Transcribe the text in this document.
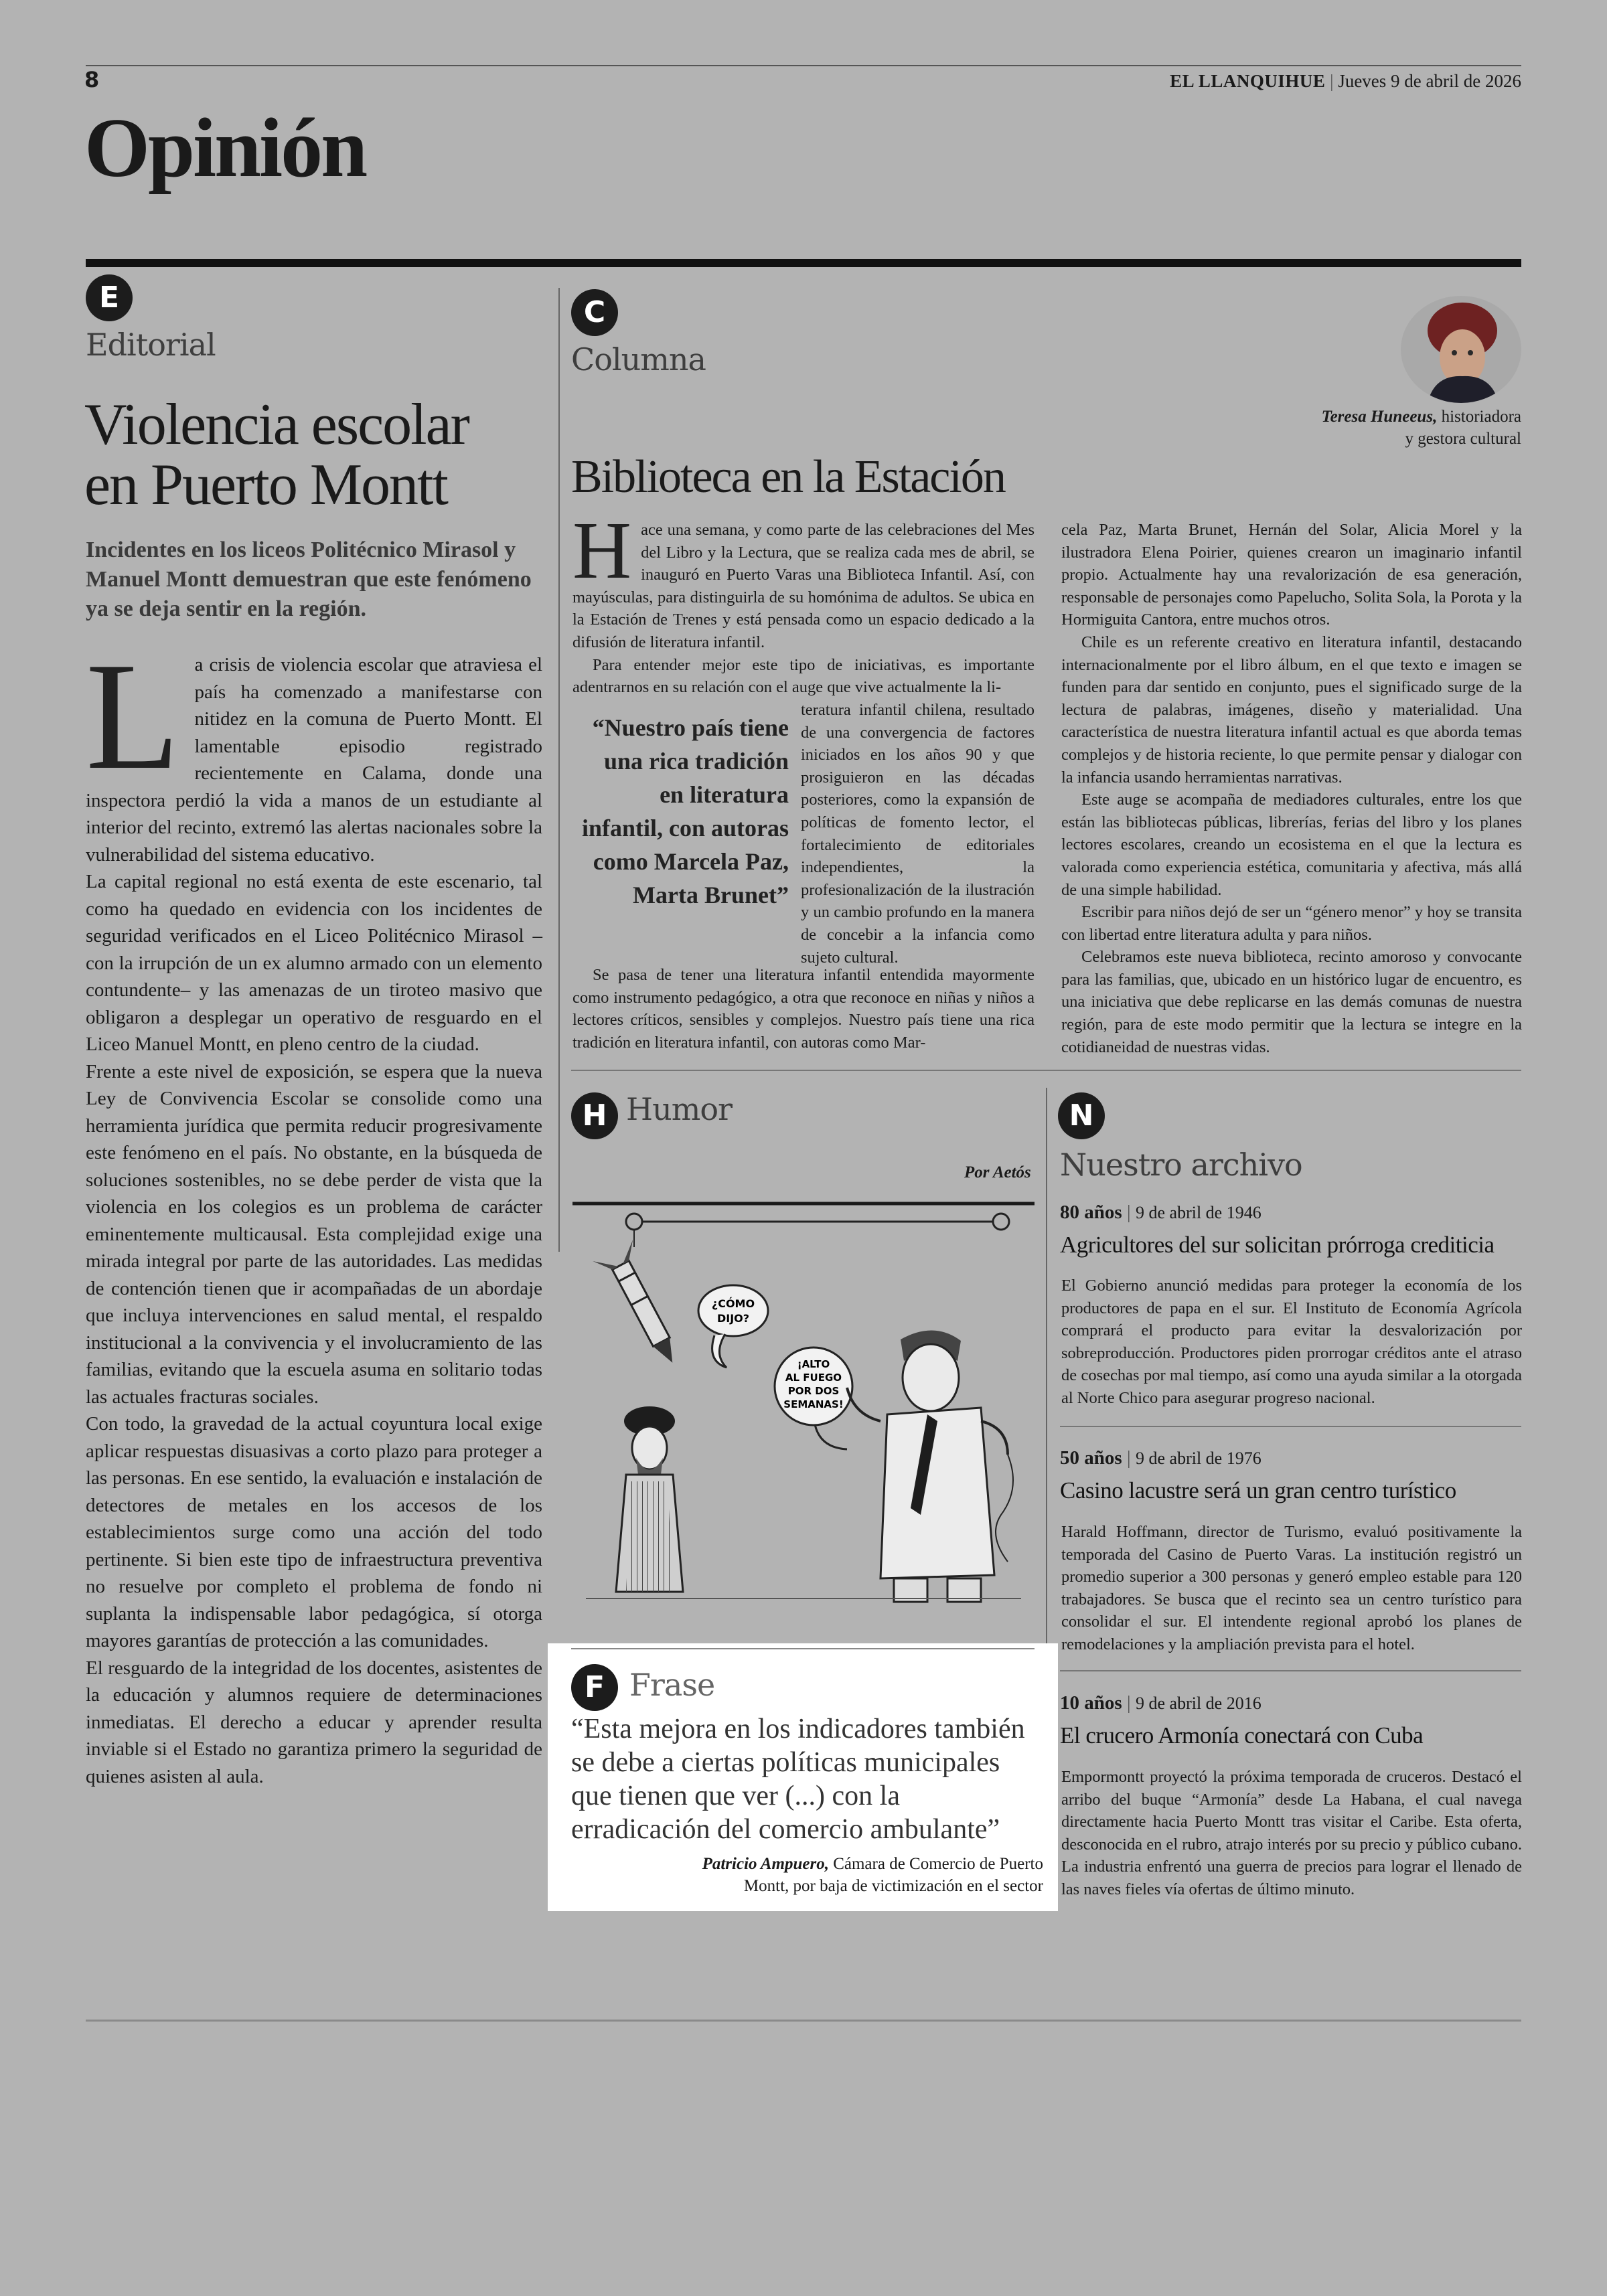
8	EL LLANQUIHUE | Jueves 9 de abril de 2026
Opinión
E
Editorial
Violencia escolar
en Puerto Montt
Incidentes en los liceos Politécnico Mirasol y Manuel Montt demuestran que este fenómeno ya se deja sentir en la región.

La crisis de violencia escolar que atraviesa el país ha comenzado a manifestarse con nitidez en la comuna de Puerto Montt. El lamentable episodio registrado recientemente en Calama, donde una inspectora perdió la vida a manos de un estudiante al interior del recinto, extremó las alertas nacionales sobre la vulnerabilidad del sistema educativo.

La capital regional no está exenta de este escenario, tal como ha quedado en evidencia con los incidentes de seguridad verificados en el Liceo Politécnico Mirasol –con la irrupción de un ex alumno armado con un elemento contundente– y las amenazas de un tiroteo masivo que obligaron a desplegar un operativo de resguardo en el Liceo Manuel Montt, en pleno centro de la ciudad.

Frente a este nivel de exposición, se espera que la nueva Ley de Convivencia Escolar se consolide como una herramienta jurídica que permita reducir progresivamente este fenómeno en el país. No obstante, en la búsqueda de soluciones sostenibles, no se debe perder de vista que la violencia en los colegios es un problema de carácter eminentemente multicausal. Esta complejidad exige una mirada integral por parte de las autoridades. Las medidas de contención tienen que ir acompañadas de un abordaje que incluya intervenciones en salud mental, el respaldo institucional a la convivencia y el involucramiento de las familias, evitando que la escuela asuma en solitario todas las actuales fracturas sociales.

Con todo, la gravedad de la actual coyuntura local exige aplicar respuestas disuasivas a corto plazo para proteger a las personas. En ese sentido, la evaluación e instalación de detectores de metales en los accesos de los establecimientos surge como una acción del todo pertinente. Si bien este tipo de infraestructura preventiva no resuelve por completo el problema de fondo ni suplanta la indispensable labor pedagógica, sí otorga mayores garantías de protección a las comunidades.

El resguardo de la integridad de los docentes, asistentes de la educación y alumnos requiere de determinaciones inmediatas. El derecho a educar y aprender resulta inviable si el Estado no garantiza primero la seguridad de quienes asisten al aula.

C
Columna
Teresa Huneeus, historiadora
y gestora cultural
Biblioteca en la Estación

Hace una semana, y como parte de las celebraciones del Mes del Libro y la Lectura, que se realiza cada mes de abril, se inauguró en Puerto Varas una Biblioteca Infantil. Así, con mayúsculas, para distinguirla de su homónima de adultos. Se ubica en la Estación de Trenes y está pensada como un espacio dedicado a la difusión de literatura infantil.

Para entender mejor este tipo de iniciativas, es importante adentrarnos en su relación con el auge que vive actualmente la li-

“Nuestro país tiene una rica tradición en literatura infantil, con autoras como Marcela Paz, Marta Brunet”
teratura infantil chilena, resultado de una convergencia de factores iniciados en los años 90 y que prosiguieron en las décadas posteriores, como la expansión de políticas de fomento lector, el fortalecimiento de editoriales independientes, la profesionalización de la ilustración y un cambio profundo en la manera de concebir a la infancia como sujeto cultural.

Se pasa de tener una literatura infantil entendida mayormente como instrumento pedagógico, a otra que reconoce en niñas y niños a lectores críticos, sensibles y complejos. Nuestro país tiene una rica tradición en literatura infantil, con autoras como Mar-

cela Paz, Marta Brunet, Hernán del Solar, Alicia Morel y la ilustradora Elena Poirier, quienes crearon un imaginario infantil propio. Actualmente hay una revalorización de esa generación, responsable de personajes como Papelucho, Solita Sola, la Porota y la Hormiguita Cantora, entre muchos otros.

Chile es un referente creativo en literatura infantil, destacando internacionalmente por el libro álbum, en el que texto e imagen se funden para dar sentido en conjunto, pues el significado surge de la lectura de palabras, imágenes, diseño y materialidad. Una característica de nuestra literatura infantil actual es que aborda temas complejos y de historia reciente, lo que permite pensar y dialogar con la infancia usando herramientas narrativas.

Este auge se acompaña de mediadores culturales, entre los que están las bibliotecas públicas, librerías, ferias del libro y los planes lectores escolares, creando un ecosistema en el que la lectura es valorada como experiencia estética, comunitaria y afectiva, más allá de una simple habilidad.

Escribir para niños dejó de ser un “género menor” y hoy se transita con libertad entre literatura adulta y para niños.

Celebramos este nueva biblioteca, recinto amoroso y convocante para las familias, que, ubicado en un histórico lugar de encuentro, es una iniciativa que debe replicarse en las demás comunas de nuestra región, para de este modo permitir que la lectura se integre en la cotidianeidad de nuestras vidas.

H Humor
Por Aetós
¿CÓMO
DIJO?
¡ALTO
AL FUEGO
POR DOS
SEMANAS!
F Frase
“Esta mejora en los indicadores también se debe a ciertas políticas municipales que tienen que ver (...) con la erradicación del comercio ambulante”
Patricio Ampuero, Cámara de Comercio de Puerto
Montt, por baja de victimización en el sector
N
Nuestro archivo
80 años | 9 de abril de 1946
Agricultores del sur solicitan prórroga crediticia
El Gobierno anunció medidas para proteger la economía de los productores de papa en el sur. El Instituto de Economía Agrícola comprará el producto para evitar la desvalorización por sobreproducción. Productores piden prorrogar créditos ante el atraso de cosechas por mal tiempo, así como una ayuda similar a la otorgada al Norte Chico para asegurar progreso nacional.
50 años | 9 de abril de 1976
Casino lacustre será un gran centro turístico
Harald Hoffmann, director de Turismo, evaluó positivamente la temporada del Casino de Puerto Varas. La institución registró un promedio superior a 300 personas y generó empleo estable para 120 trabajadores. Se busca que el recinto sea un centro turístico para consolidar el sur. El intendente regional aprobó los planes de remodelaciones y la ampliación prevista para el hotel.
10 años | 9 de abril de 2016
El crucero Armonía conectará con Cuba
Empormontt proyectó la próxima temporada de cruceros. Destacó el arribo del buque “Armonía” desde La Habana, el cual navega directamente hacia Puerto Montt tras visitar el Caribe. Esta oferta, desconocida en el rubro, atrajo interés por su precio y público cubano. La industria enfrentó una guerra de precios para lograr el llenado de las naves fieles vía ofertas de último minuto.
